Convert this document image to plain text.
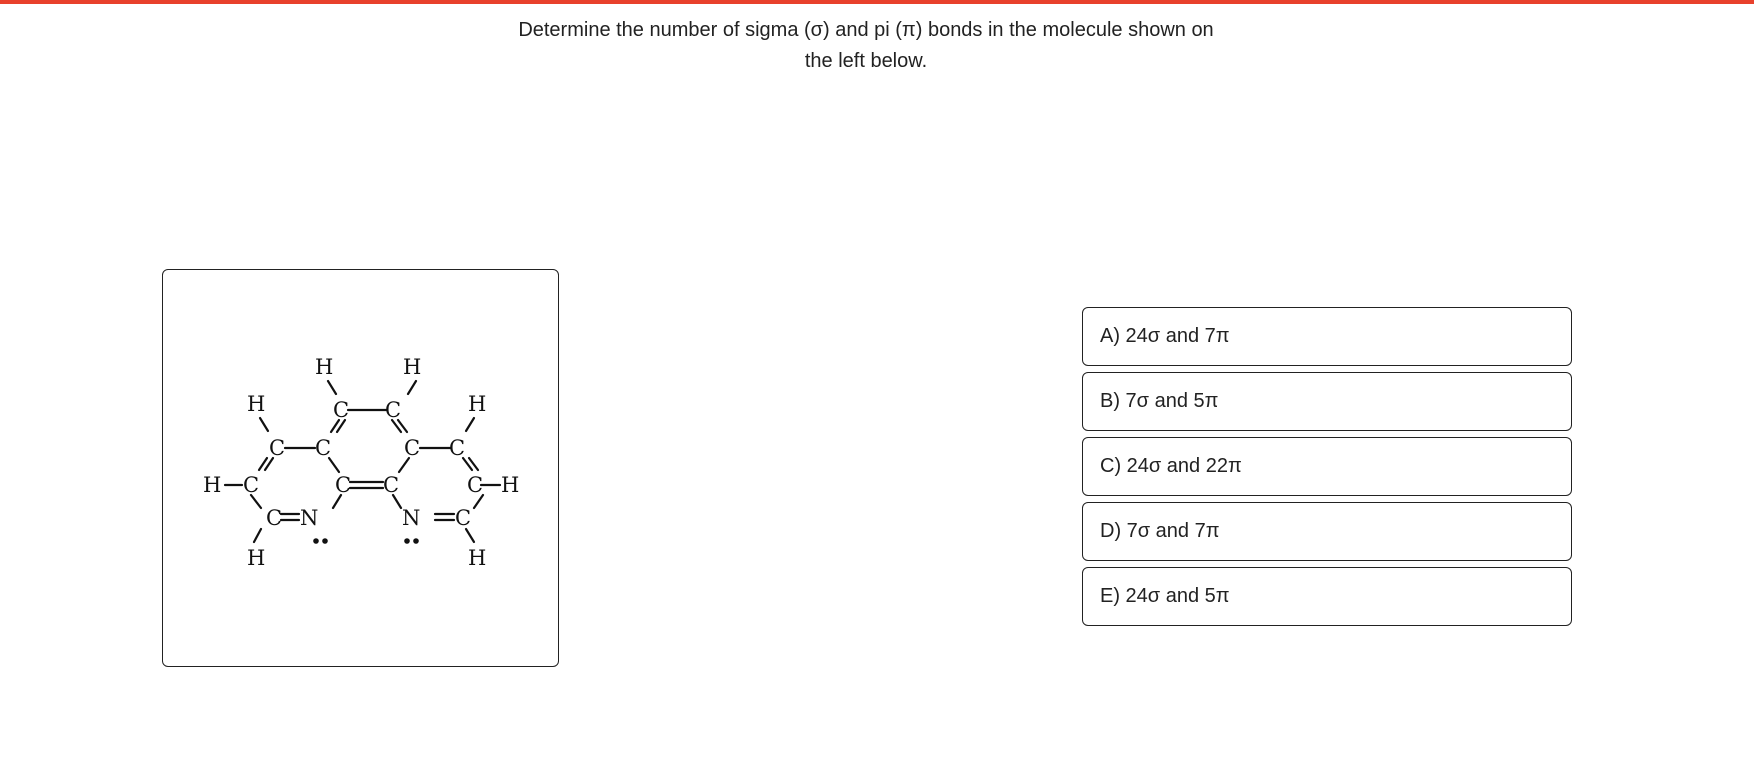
Determine the number of sigma (σ) and pi (π) bonds in the molecule shown on
the left below.
H	H
H	H
C C
C C	C C
H C	C C	C H
C N	N C
H	H
A) 24σ and 7π
B) 7σ and 5π
C) 24σ and 22π
D) 7σ and 7π
E) 24σ and 5π
